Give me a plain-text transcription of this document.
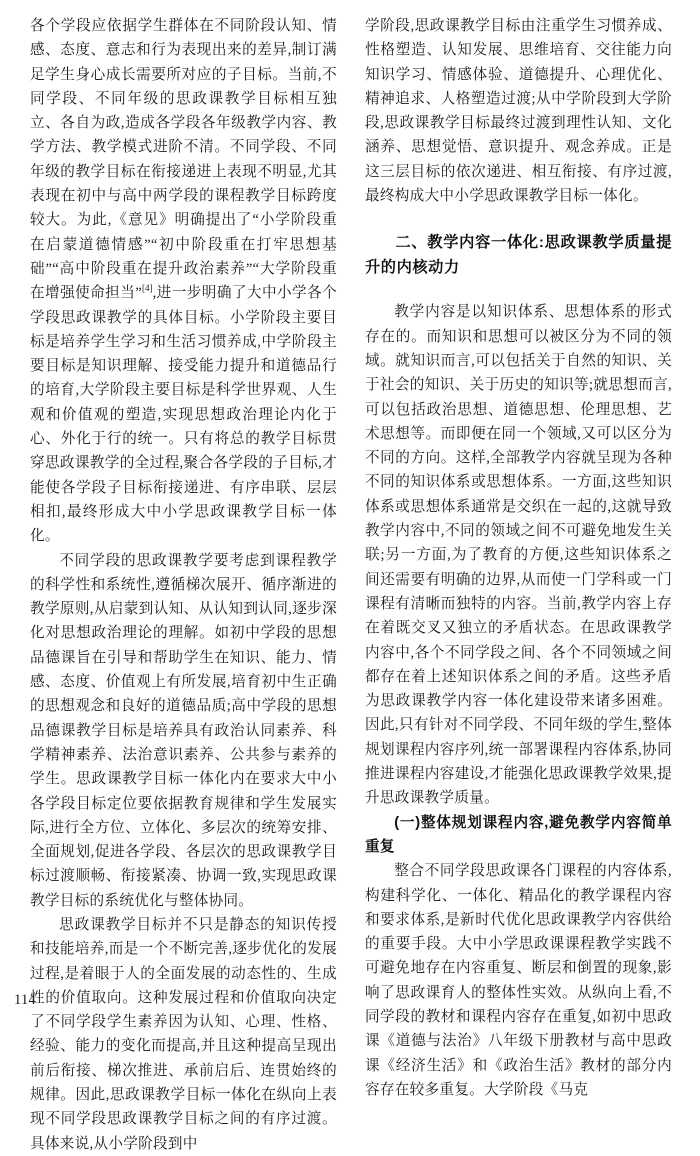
各个学段应依据学生群体在不同阶段认知、情感、态度、意志和行为表现出来的差异,制订满足学生身心成长需要所对应的子目标。当前,不同学段、不同年级的思政课教学目标相互独立、各自为政,造成各学段各年级教学内容、教学方法、教学模式进阶不清。不同学段、不同年级的教学目标在衔接递进上表现不明显,尤其表现在初中与高中两学段的课程教学目标跨度较大。为此,《意见》明确提出了“小学阶段重在启蒙道德情感”“初中阶段重在打牢思想基础”“高中阶段重在提升政治素养”“大学阶段重在增强使命担当”[4],进一步明确了大中小学各个学段思政课教学的具体目标。小学阶段主要目标是培养学生学习和生活习惯养成,中学阶段主要目标是知识理解、接受能力提升和道德品行的培育,大学阶段主要目标是科学世界观、人生观和价值观的塑造,实现思想政治理论内化于心、外化于行的统一。只有将总的教学目标贯穿思政课教学的全过程,聚合各学段的子目标,才能使各学段子目标衔接递进、有序串联、层层相扣,最终形成大中小学思政课教学目标一体化。

不同学段的思政课教学要考虑到课程教学的科学性和系统性,遵循梯次展开、循序渐进的教学原则,从启蒙到认知、从认知到认同,逐步深化对思想政治理论的理解。如初中学段的思想品德课旨在引导和帮助学生在知识、能力、情感、态度、价值观上有所发展,培育初中生正确的思想观念和良好的道德品质;高中学段的思想品德课教学目标是培养具有政治认同素养、科学精神素养、法治意识素养、公共参与素养的学生。思政课教学目标一体化内在要求大中小各学段目标定位要依据教育规律和学生发展实际,进行全方位、立体化、多层次的统筹安排、全面规划,促进各学段、各层次的思政课教学目标过渡顺畅、衔接紧凑、协调一致,实现思政课教学目标的系统优化与整体协同。

思政课教学目标并不只是静态的知识传授和技能培养,而是一个不断完善,逐步优化的发展过程,是着眼于人的全面发展的动态性的、生成性的价值取向。这种发展过程和价值取向决定了不同学段学生素养因为认知、心理、性格、经验、能力的变化而提高,并且这种提高呈现出前后衔接、梯次推进、承前启后、连贯始终的规律。因此,思政课教学目标一体化在纵向上表现不同学段思政课教学目标之间的有序过渡。具体来说,从小学阶段到中

学阶段,思政课教学目标由注重学生习惯养成、性格塑造、认知发展、思维培育、交往能力向知识学习、情感体验、道德提升、心理优化、精神追求、人格塑造过渡;从中学阶段到大学阶段,思政课教学目标最终过渡到理性认知、文化涵养、思想觉悟、意识提升、观念养成。正是这三层目标的依次递进、相互衔接、有序过渡,最终构成大中小学思政课教学目标一体化。

二、教学内容一体化:思政课教学质量提升的内核动力

教学内容是以知识体系、思想体系的形式存在的。而知识和思想可以被区分为不同的领域。就知识而言,可以包括关于自然的知识、关于社会的知识、关于历史的知识等;就思想而言,可以包括政治思想、道德思想、伦理思想、艺术思想等。而即便在同一个领域,又可以区分为不同的方向。这样,全部教学内容就呈现为各种不同的知识体系或思想体系。一方面,这些知识体系或思想体系通常是交织在一起的,这就导致教学内容中,不同的领域之间不可避免地发生关联;另一方面,为了教育的方便,这些知识体系之间还需要有明确的边界,从而使一门学科或一门课程有清晰而独特的内容。当前,教学内容上存在着既交叉又独立的矛盾状态。在思政课教学内容中,各个不同学段之间、各个不同领域之间都存在着上述知识体系之间的矛盾。这些矛盾为思政课教学内容一体化建设带来诸多困难。因此,只有针对不同学段、不同年级的学生,整体规划课程内容序列,统一部署课程内容体系,协同推进课程内容建设,才能强化思政课教学效果,提升思政课教学质量。

(一)整体规划课程内容,避免教学内容简单重复

整合不同学段思政课各门课程的内容体系,构建科学化、一体化、精品化的教学课程内容和要求体系,是新时代优化思政课教学内容供给的重要手段。大中小学思政课课程教学实践不可避免地存在内容重复、断层和倒置的现象,影响了思政课育人的整体性实效。从纵向上看,不同学段的教材和课程内容存在重复,如初中思政课《道德与法治》八年级下册教材与高中思政课《经济生活》和《政治生活》教材的部分内容存在较多重复。大学阶段《马克

114
